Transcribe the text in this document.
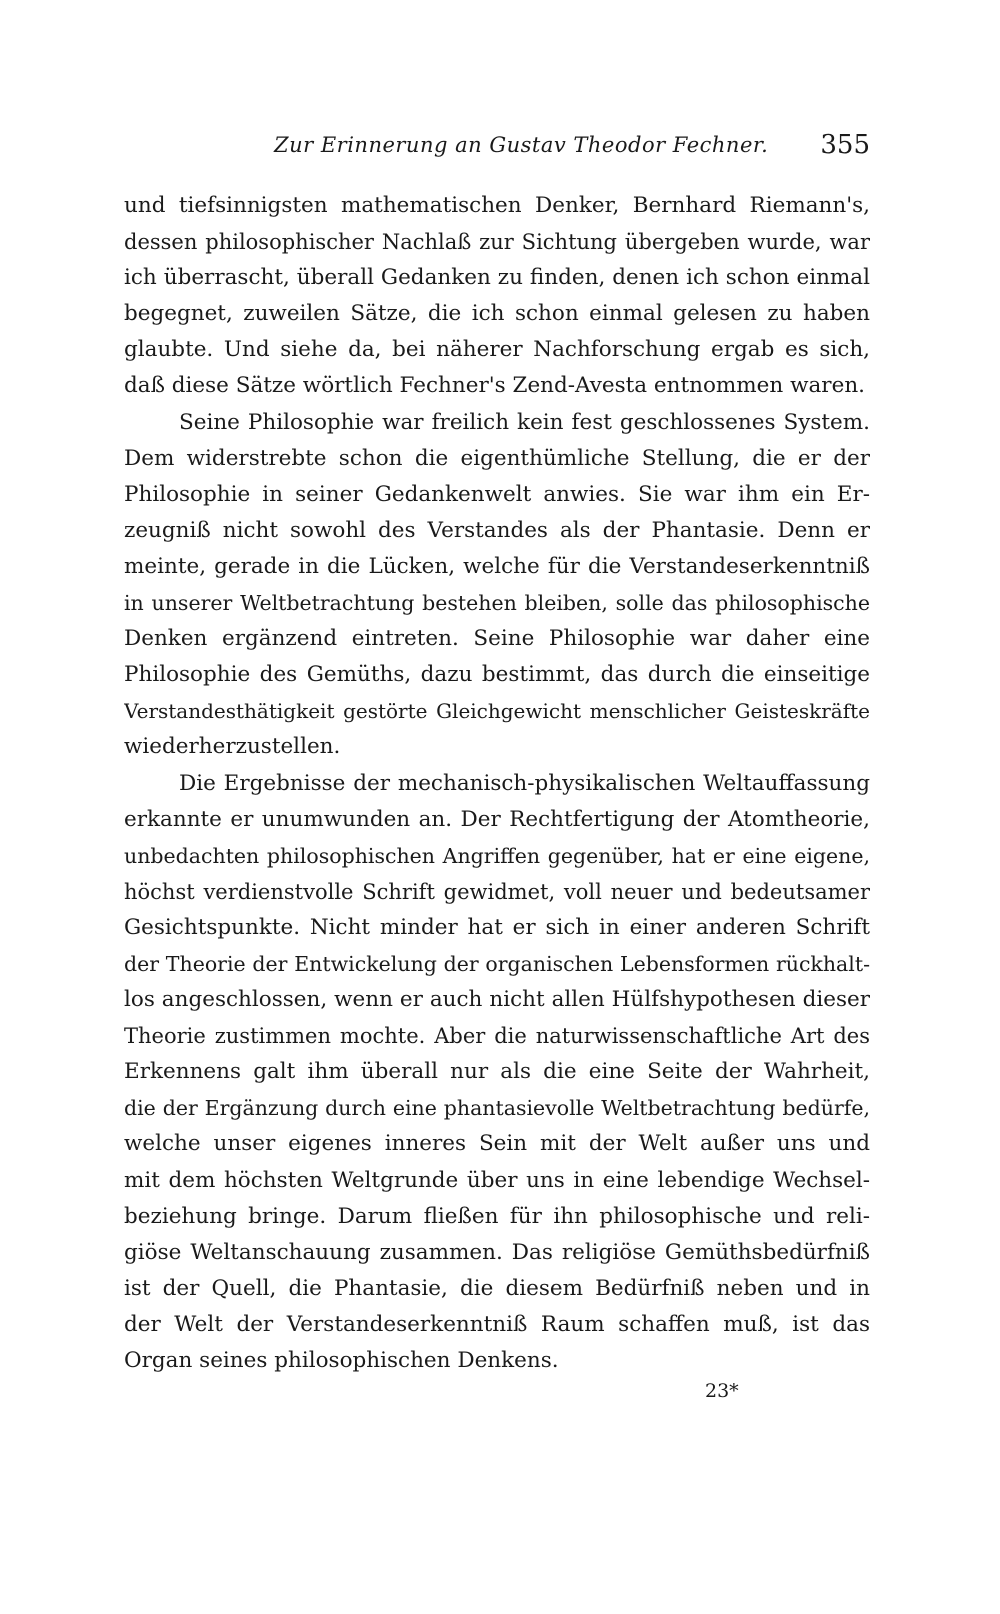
Zur Erinnerung an Gustav Theodor Fechner. 355
und tiefsinnigsten mathematischen Denker, Bernhard Riemann's,
dessen philosophischer Nachlaß zur Sichtung übergeben wurde, war
ich überrascht, überall Gedanken zu finden, denen ich schon einmal
begegnet, zuweilen Sätze, die ich schon einmal gelesen zu haben
glaubte. Und siehe da, bei näherer Nachforschung ergab es sich,
daß diese Sätze wörtlich Fechner's Zend-Avesta entnommen waren.
Seine Philosophie war freilich kein fest geschlossenes System.
Dem widerstrebte schon die eigenthümliche Stellung, die er der
Philosophie in seiner Gedankenwelt anwies. Sie war ihm ein Er-
zeugniß nicht sowohl des Verstandes als der Phantasie. Denn er
meinte, gerade in die Lücken, welche für die Verstandeserkenntniß
in unserer Weltbetrachtung bestehen bleiben, solle das philosophische
Denken ergänzend eintreten. Seine Philosophie war daher eine
Philosophie des Gemüths, dazu bestimmt, das durch die einseitige
Verstandesthätigkeit gestörte Gleichgewicht menschlicher Geisteskräfte
wiederherzustellen.
Die Ergebnisse der mechanisch-physikalischen Weltauffassung
erkannte er unumwunden an. Der Rechtfertigung der Atomtheorie,
unbedachten philosophischen Angriffen gegenüber, hat er eine eigene,
höchst verdienstvolle Schrift gewidmet, voll neuer und bedeutsamer
Gesichtspunkte. Nicht minder hat er sich in einer anderen Schrift
der Theorie der Entwickelung der organischen Lebensformen rückhalt-
los angeschlossen, wenn er auch nicht allen Hülfshypothesen dieser
Theorie zustimmen mochte. Aber die naturwissenschaftliche Art des
Erkennens galt ihm überall nur als die eine Seite der Wahrheit,
die der Ergänzung durch eine phantasievolle Weltbetrachtung bedürfe,
welche unser eigenes inneres Sein mit der Welt außer uns und
mit dem höchsten Weltgrunde über uns in eine lebendige Wechsel-
beziehung bringe. Darum fließen für ihn philosophische und reli-
giöse Weltanschauung zusammen. Das religiöse Gemüthsbedürfniß
ist der Quell, die Phantasie, die diesem Bedürfniß neben und in
der Welt der Verstandeserkenntniß Raum schaffen muß, ist das
Organ seines philosophischen Denkens.
23*
